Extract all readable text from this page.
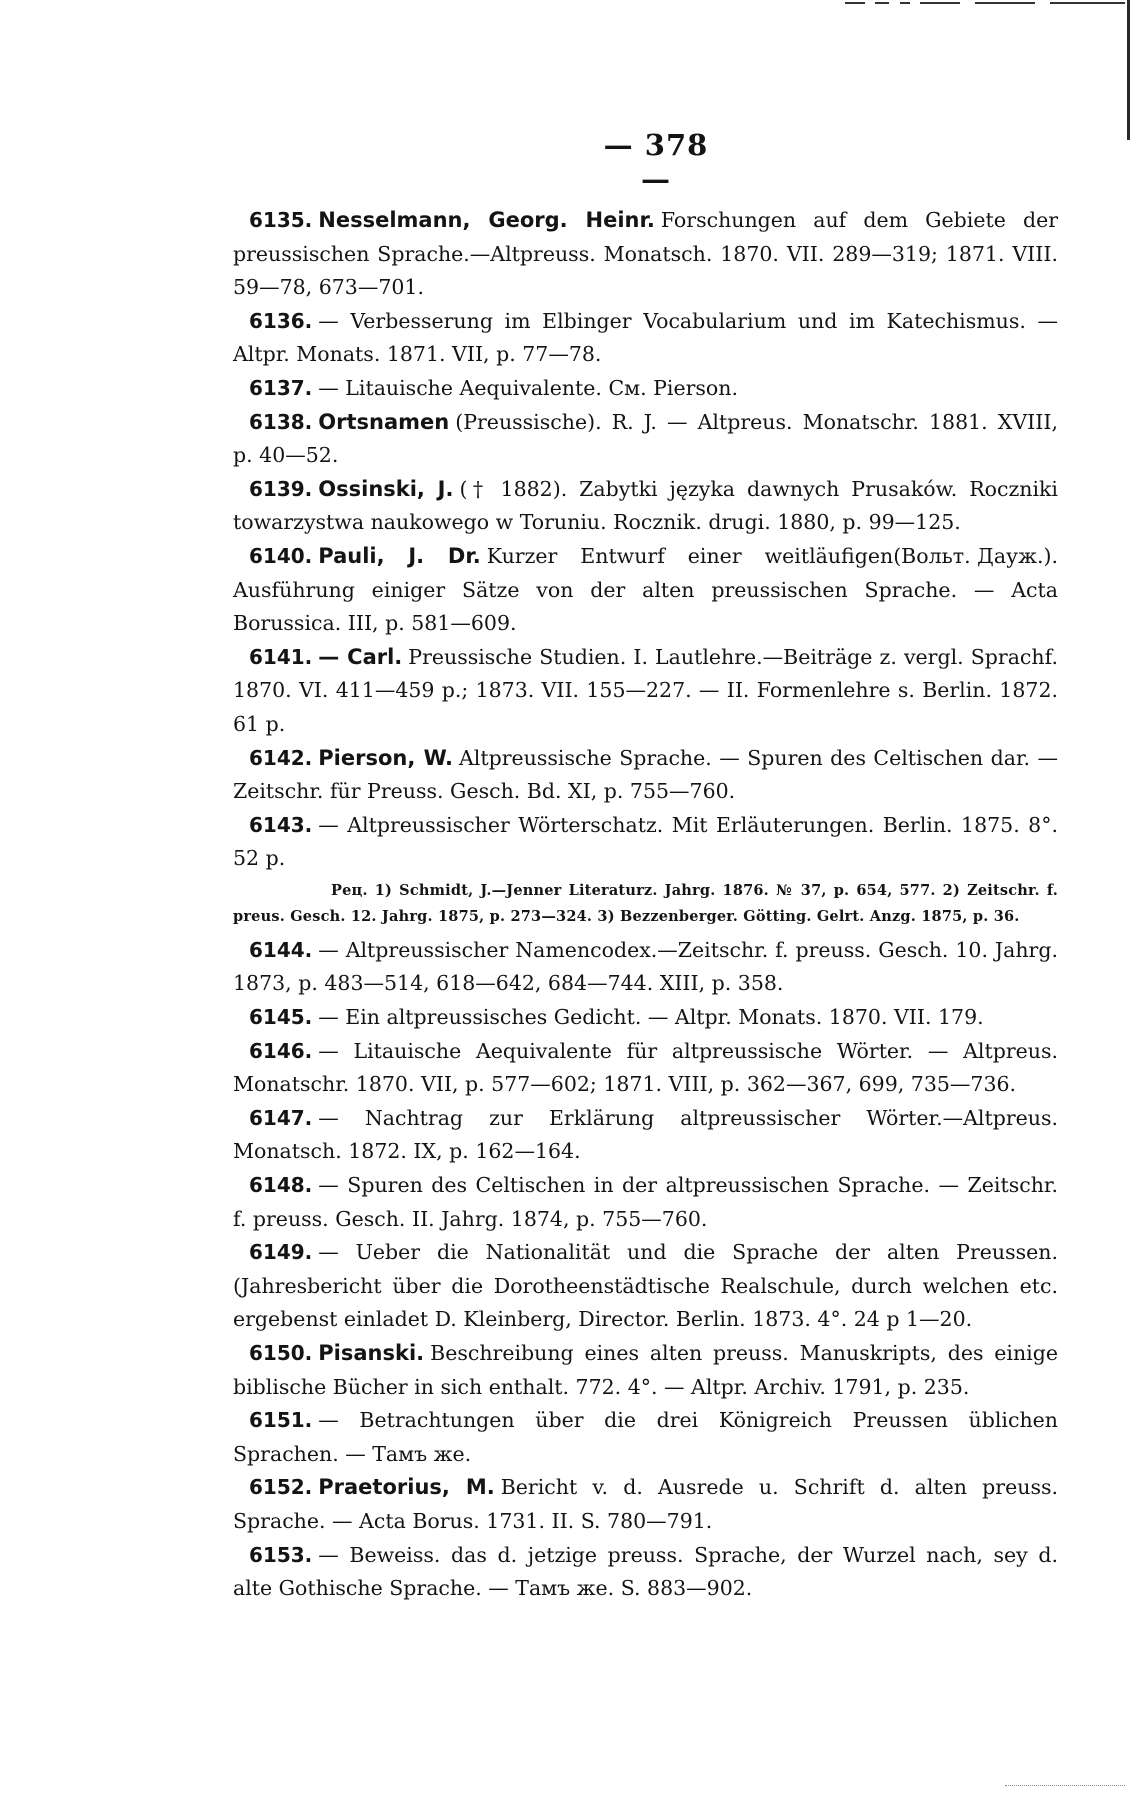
— 378 —

6135. Nesselmann, Georg. Heinr. Forschungen auf dem Gebiete der preussischen Sprache.—Altpreuss. Monatsch. 1870. VII. 289—319; 1871. VIII. 59—78, 673—701.

6136. — Verbesserung im Elbinger Vocabularium und im Katechismus. — Altpr. Monats. 1871. VII, p. 77—78.

6137. — Litauische Aequivalente. См. Pierson.

6138. Ortsnamen (Preussische). R. J. — Altpreus. Monatschr. 1881. XVIII, p. 40—52.

6139. Ossinski, J. († 1882). Zabytki języka dawnych Prusaków. Roczniki towarzystwa naukowego w Toruniu. Rocznik. drugi. 1880, p. 99—125.
(Вольт. Дауж.).

6140. Pauli, J. Dr. Kurzer Entwurf einer weitläufigen Ausführung einiger Sätze von der alten preussischen Sprache. — Acta Borussica. III, p. 581—609.

6141. — Carl. Preussische Studien. I. Lautlehre.—Beiträge z. vergl. Sprachf. 1870. VI. 411—459 p.; 1873. VII. 155—227. — II. Formenlehre s. Berlin. 1872. 61 p.

6142. Pierson, W. Altpreussische Sprache. — Spuren des Celtischen dar. — Zeitschr. für Preuss. Gesch. Bd. XI, p. 755—760.

6143. — Altpreussischer Wörterschatz. Mit Erläuterungen. Berlin. 1875. 8°. 52 p.

Рец. 1) Schmidt, J.—Jenner Literaturz. Jahrg. 1876. № 37, p. 654, 577. 2) Zeitschr. f. preus. Gesch. 12. Jahrg. 1875, p. 273—324. 3) Bezzenberger. Götting. Gelrt. Anzg. 1875, p. 36.

6144. — Altpreussischer Namencodex.—Zeitschr. f. preuss. Gesch. 10. Jahrg. 1873, p. 483—514, 618—642, 684—744. XIII, p. 358.

6145. — Ein altpreussisches Gedicht. — Altpr. Monats. 1870. VII. 179.

6146. — Litauische Aequivalente für altpreussische Wörter. — Altpreus. Monatschr. 1870. VII, p. 577—602; 1871. VIII, p. 362—367, 699, 735—736.

6147. — Nachtrag zur Erklärung altpreussischer Wörter.—Altpreus. Monatsch. 1872. IX, p. 162—164.

6148. — Spuren des Celtischen in der altpreussischen Sprache. — Zeitschr. f. preuss. Gesch. II. Jahrg. 1874, p. 755—760.

6149. — Ueber die Nationalität und die Sprache der alten Preussen. (Jahresbericht über die Dorotheenstädtische Realschule, durch welchen etc. ergebenst einladet D. Kleinberg, Director. Berlin. 1873. 4°. 24 p 1—20.

6150. Pisanski. Beschreibung eines alten preuss. Manuskripts, des einige biblische Bücher in sich enthalt. 772. 4°. — Altpr. Archiv. 1791, p. 235.

6151. — Betrachtungen über die drei Königreich Preussen üblichen Sprachen. — Тамъ же.

6152. Praetorius, M. Bericht v. d. Ausrede u. Schrift d. alten preuss. Sprache. — Acta Borus. 1731. II. S. 780—791.

6153. — Beweiss. das d. jetzige preuss. Sprache, der Wurzel nach, sey d. alte Gothische Sprache. — Тамъ же. S. 883—902.
